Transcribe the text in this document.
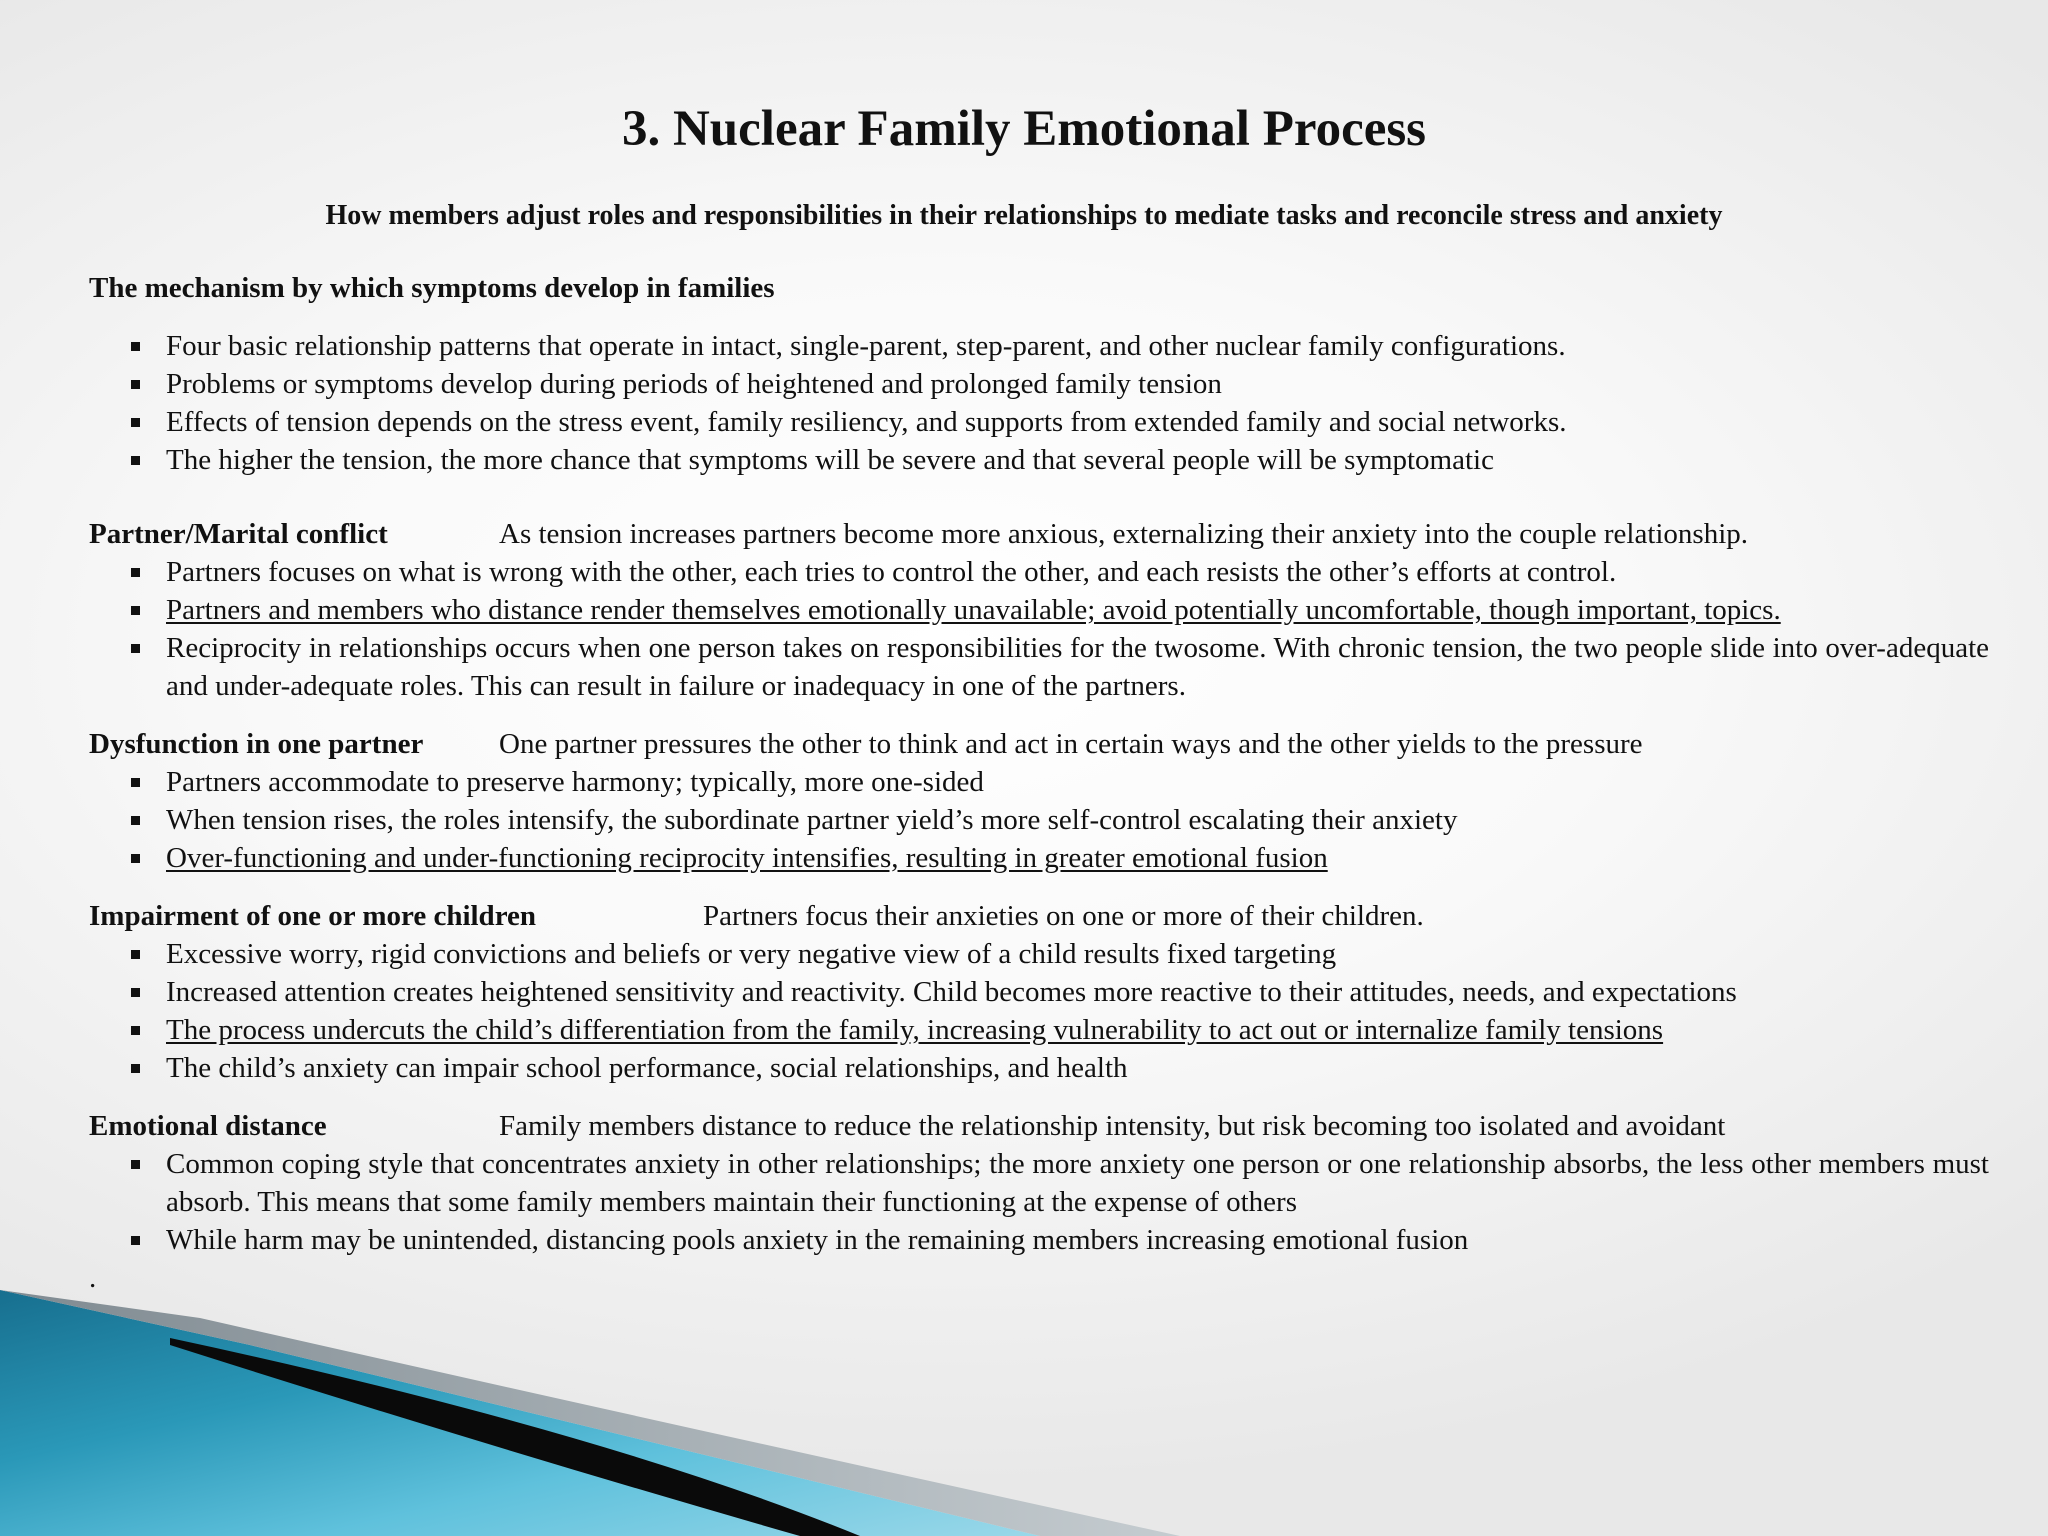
3. Nuclear Family Emotional Process

How members adjust roles and responsibilities in their relationships to mediate tasks and reconcile stress and anxiety

The mechanism by which symptoms develop in families

Four basic relationship patterns that operate in intact, single-parent, step-parent, and other nuclear family configurations.
Problems or symptoms develop during periods of heightened and prolonged family tension
Effects of tension depends on the stress event, family resiliency, and supports from extended family and social networks.
The higher the tension, the more chance that symptoms will be severe and that several people will be symptomatic

Partner/Marital conflict	As tension increases partners become more anxious, externalizing their anxiety into the couple relationship.

Partners focuses on what is wrong with the other, each tries to control the other, and each resists the other’s efforts at control.
Partners and members who distance render themselves emotionally unavailable; avoid potentially uncomfortable, though important, topics.
Reciprocity in relationships occurs when one person takes on responsibilities for the twosome. With chronic tension, the two people slide into over-adequate and under-adequate roles. This can result in failure or inadequacy in one of the partners.

Dysfunction in one partner	One partner pressures the other to think and act in certain ways and the other yields to the pressure

Partners accommodate to preserve harmony; typically, more one-sided
When tension rises, the roles intensify, the subordinate partner yield’s more self-control escalating their anxiety
Over-functioning and under-functioning reciprocity intensifies, resulting in greater emotional fusion

Impairment of one or more children	Partners focus their anxieties on one or more of their children.

Excessive worry, rigid convictions and beliefs or very negative view of a child results fixed targeting
Increased attention creates heightened sensitivity and reactivity. Child becomes more reactive to their attitudes, needs, and expectations
The process undercuts the child’s differentiation from the family, increasing vulnerability to act out or internalize family tensions
The child’s anxiety can impair school performance, social relationships, and health

Emotional distance	Family members distance to reduce the relationship intensity, but risk becoming too isolated and avoidant

Common coping style that concentrates anxiety in other relationships; the more anxiety one person or one relationship absorbs, the less other members must absorb. This means that some family members maintain their functioning at the expense of others
While harm may be unintended, distancing pools anxiety in the remaining members increasing emotional fusion

.
